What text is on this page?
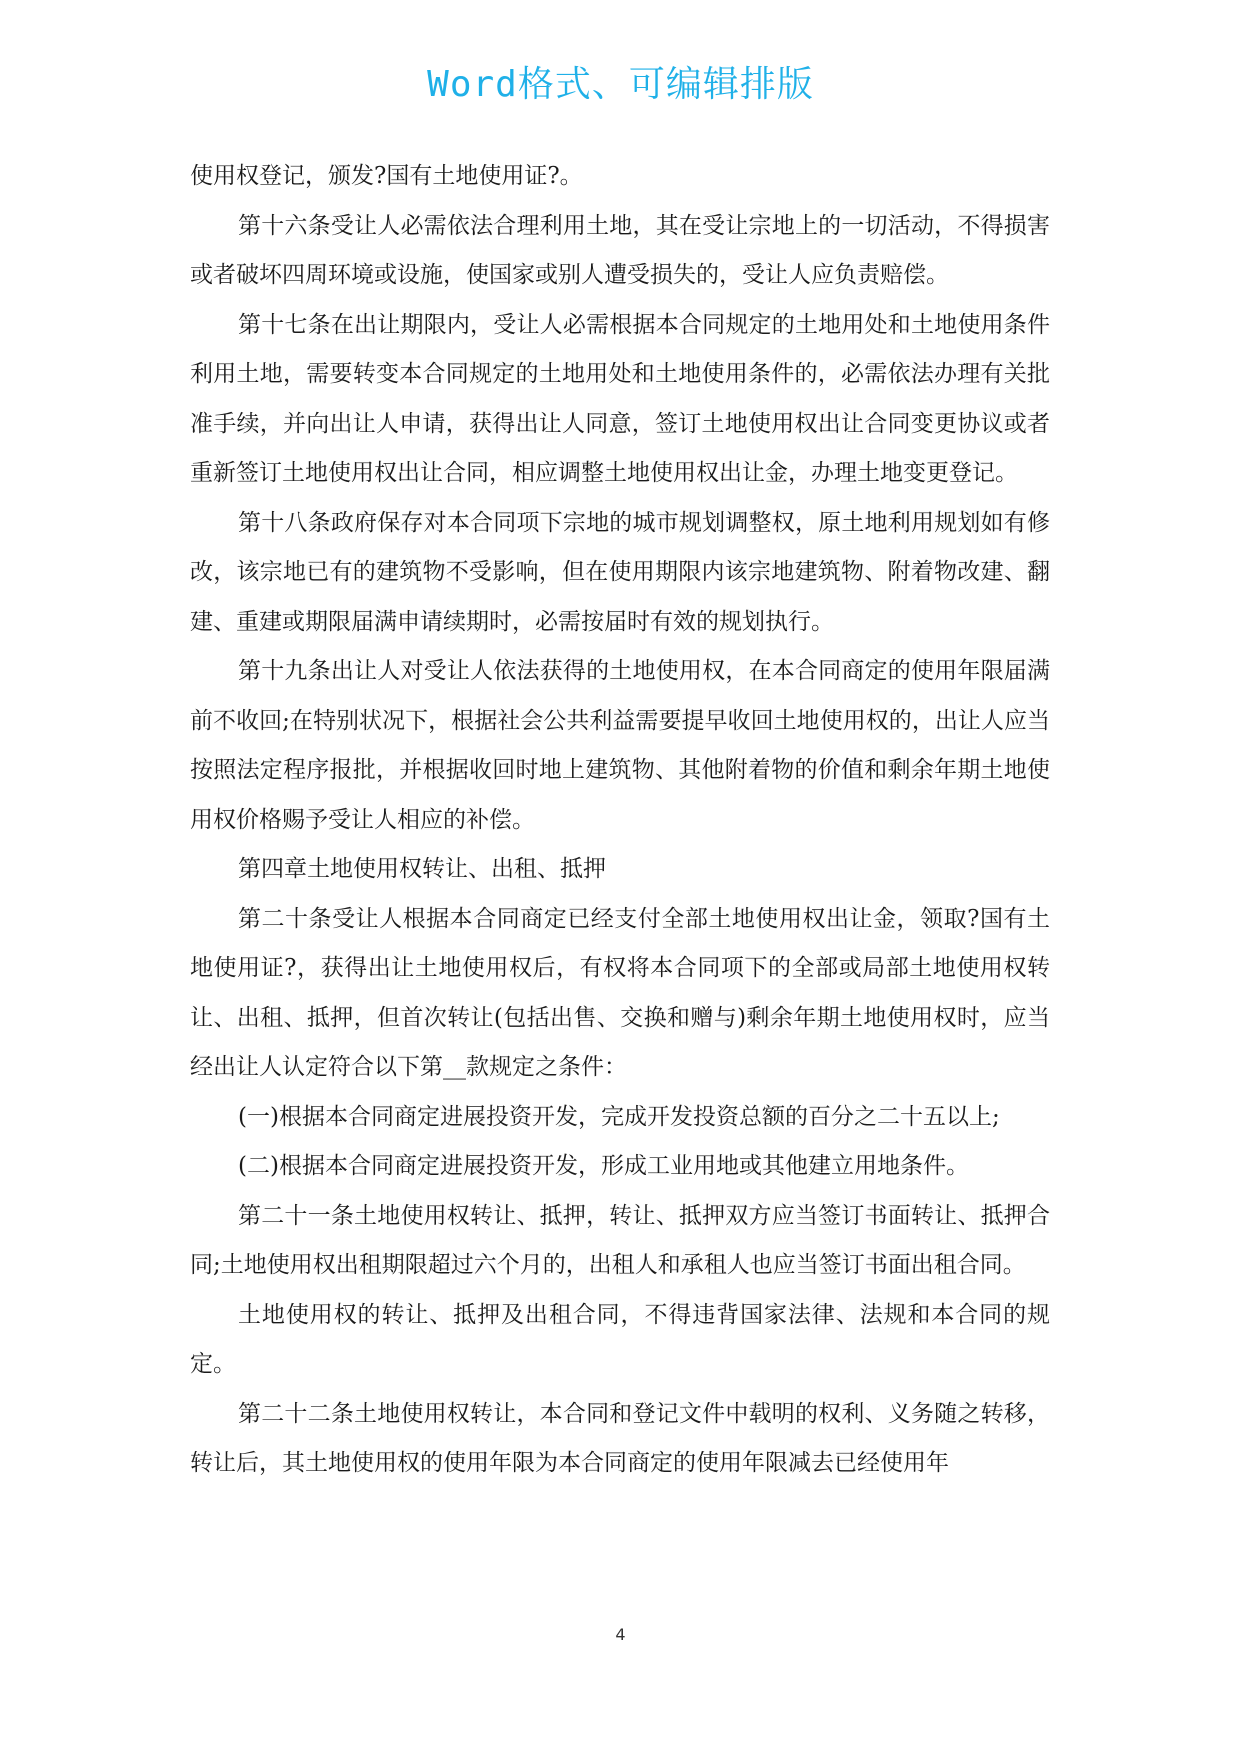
Word格式、可编辑排版

使用权登记，颁发?国有土地使用证?。

第十六条受让人必需依法合理利用土地，其在受让宗地上的一切活动，不得损害或者破坏四周环境或设施，使国家或别人遭受损失的，受让人应负责赔偿。

第十七条在出让期限内，受让人必需根据本合同规定的土地用处和土地使用条件利用土地，需要转变本合同规定的土地用处和土地使用条件的，必需依法办理有关批准手续，并向出让人申请，获得出让人同意，签订土地使用权出让合同变更协议或者重新签订土地使用权出让合同，相应调整土地使用权出让金，办理土地变更登记。

第十八条政府保存对本合同项下宗地的城市规划调整权，原土地利用规划如有修改，该宗地已有的建筑物不受影响，但在使用期限内该宗地建筑物、附着物改建、翻建、重建或期限届满申请续期时，必需按届时有效的规划执行。

第十九条出让人对受让人依法获得的土地使用权，在本合同商定的使用年限届满前不收回;在特别状况下，根据社会公共利益需要提早收回土地使用权的，出让人应当按照法定程序报批，并根据收回时地上建筑物、其他附着物的价值和剩余年期土地使用权价格赐予受让人相应的补偿。

第四章土地使用权转让、出租、抵押

第二十条受让人根据本合同商定已经支付全部土地使用权出让金，领取?国有土地使用证?，获得出让土地使用权后，有权将本合同项下的全部或局部土地使用权转让、出租、抵押，但首次转让(包括出售、交换和赠与)剩余年期土地使用权时，应当经出让人认定符合以下第__款规定之条件：

(一)根据本合同商定进展投资开发，完成开发投资总额的百分之二十五以上;

(二)根据本合同商定进展投资开发，形成工业用地或其他建立用地条件。

第二十一条土地使用权转让、抵押，转让、抵押双方应当签订书面转让、抵押合同;土地使用权出租期限超过六个月的，出租人和承租人也应当签订书面出租合同。

土地使用权的转让、抵押及出租合同，不得违背国家法律、法规和本合同的规定。

第二十二条土地使用权转让，本合同和登记文件中载明的权利、义务随之转移，转让后，其土地使用权的使用年限为本合同商定的使用年限减去已经使用年

4
